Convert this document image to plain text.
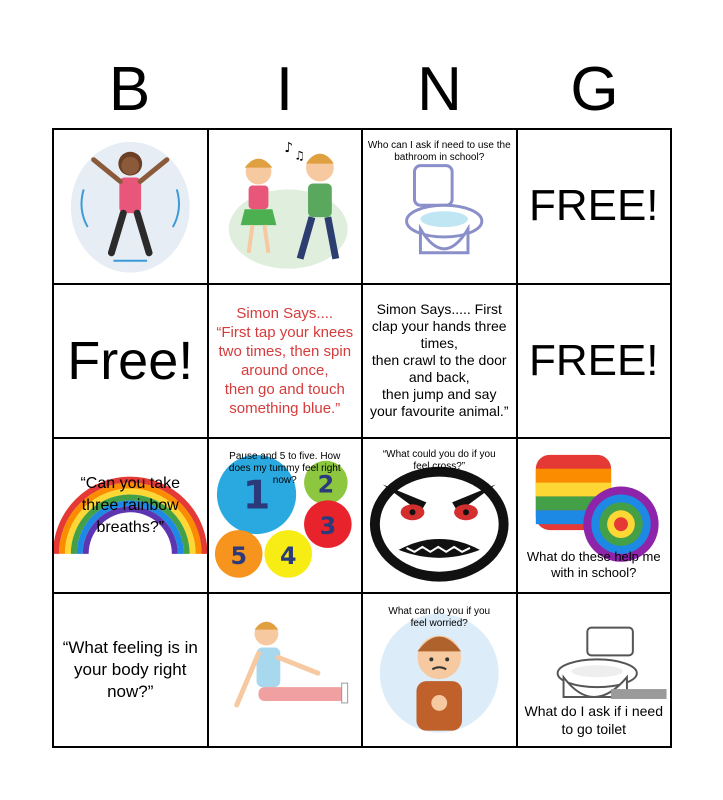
B	I	N	G
♪ ♫
Who can I ask if need to use the bathroom in school?
FREE!
Free!
Simon Says....
“First tap your knees two times, then spin around once,
then go and touch something blue.”
Simon Says..... First clap your hands three times,
then crawl to the door and back,
then jump and say your favourite animal.”
FREE!
“Can you take three rainbow breaths?”
1 2
3
4
5
Pause and 5 to five. How does my tummy feel right now?
“What could you do if you feel cross?”
What do these help me with in school?
“What feeling is in your body right now?”
What can do you if you feel worried?
What do I ask if i need to go toilet
